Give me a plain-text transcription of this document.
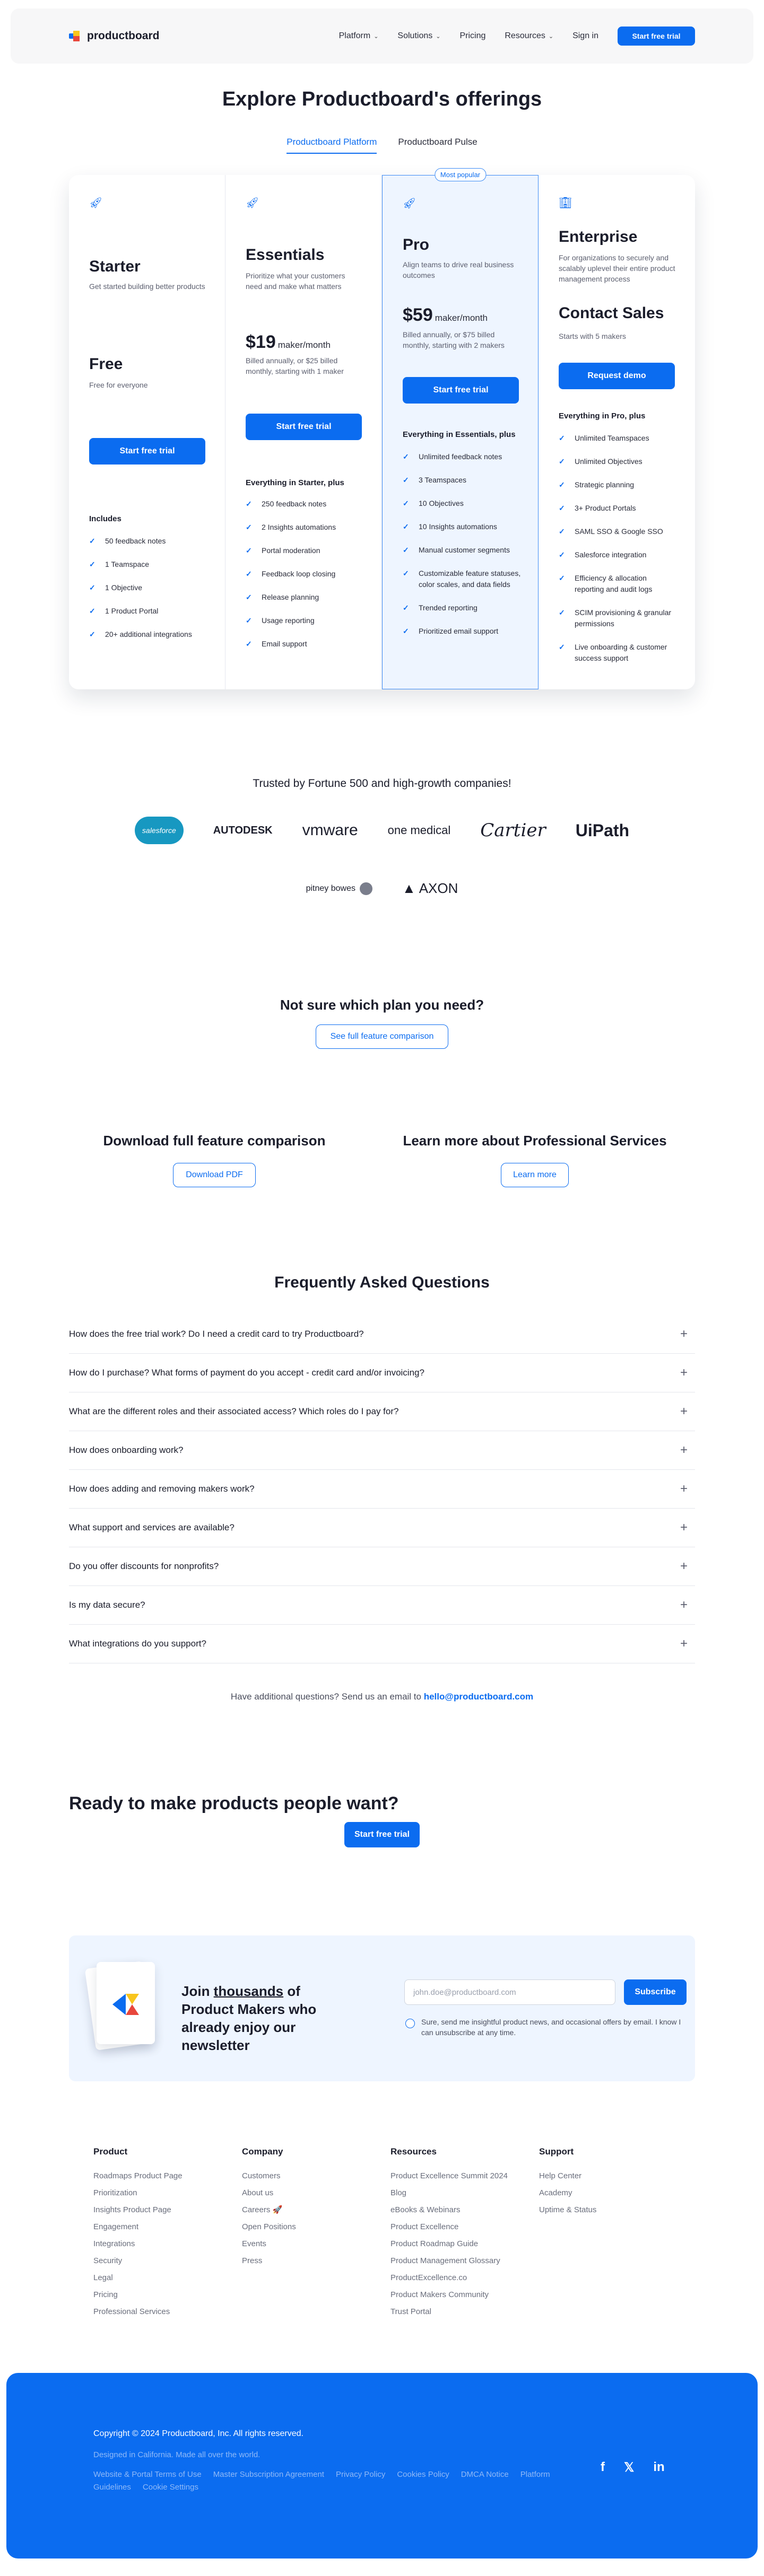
productboard	Platform ⌄ Solutions ⌄ Pricing Resources ⌄ Sign in	Start free trial
Explore Productboard's offerings
Productboard Platform Productboard Pulse
🚀︎
Starter
Get started building better products
Free
Free for everyone
Start free trial
Includes
✓ 50 feedback notes
✓ 1 Teamspace
✓ 1 Objective
✓ 1 Product Portal
✓ 20+ additional integrations
🚀︎
Essentials
Prioritize what your customers need and make what matters
$19 maker/month
Billed annually, or $25 billed monthly, starting with 1 maker
Start free trial
Everything in Starter, plus
✓ 250 feedback notes
✓ 2 Insights automations
✓ Portal moderation
✓ Feedback loop closing
✓ Release planning
✓ Usage reporting
✓ Email support
Most popular
🚀︎
Pro
Align teams to drive real business outcomes
$59 maker/month
Billed annually, or $75 billed monthly, starting with 2 makers
Start free trial
Everything in Essentials, plus
✓ Unlimited feedback notes
✓ 3 Teamspaces
✓ 10 Objectives
✓ 10 Insights automations
✓ Manual customer segments
✓ Customizable feature statuses, color scales, and data fields
✓ Trended reporting
✓ Prioritized email support
🏢︎
Enterprise
For organizations to securely and scalably uplevel their entire product management process
Contact Sales
Starts with 5 makers
Request demo
Everything in Pro, plus
✓ Unlimited Teamspaces
✓ Unlimited Objectives
✓ Strategic planning
✓ 3+ Product Portals
✓ SAML SSO & Google SSO
✓ Salesforce integration
✓ Efficiency & allocation reporting and audit logs
✓ SCIM provisioning & granular permissions
✓ Live onboarding & customer success support
Trusted by Fortune 500 and high-growth companies!
salesforce	AUTODESK vmware	one medical Cartier UiPath
pitney bowes	▲ AXON
Not sure which plan you need?
See full feature comparison
Download full feature comparison
Download PDF
Learn more about Professional Services
Learn more
Frequently Asked Questions
How does the free trial work? Do I need a credit card to try Productboard?	+
How do I purchase? What forms of payment do you accept - credit card and/or invoicing?	+
What are the different roles and their associated access? Which roles do I pay for?	+
How does onboarding work?	+
How does adding and removing makers work?	+
What support and services are available?	+
Do you offer discounts for nonprofits?	+
Is my data secure?	+
What integrations do you support?	+
Have additional questions? Send us an email to hello@productboard.com
Ready to make products people want?
Start free trial
Join thousands of Product Makers who already enjoy our newsletter
john.doe@productboard.com	Subscribe
Sure, send me insightful product news, and occasional offers by email. I know I can unsubscribe at any time.
Product
Roadmaps Product Page
Prioritization
Insights Product Page
Engagement
Integrations
Security
Legal
Pricing
Professional Services
Company
Customers
About us
Careers 🚀
Open Positions
Events
Press
Resources
Product Excellence Summit 2024
Blog
eBooks & Webinars
Product Excellence
Product Roadmap Guide
Product Management Glossary
ProductExcellence.co
Product Makers Community
Trust Portal
Support
Help Center
Academy
Uptime & Status
Copyright © 2024 Productboard, Inc. All rights reserved.
Designed in California. Made all over the world.
Website & Portal Terms of Use Master Subscription Agreement Privacy Policy Cookies Policy DMCA Notice Platform Guidelines Cookie Settings
f 𝕏 in
